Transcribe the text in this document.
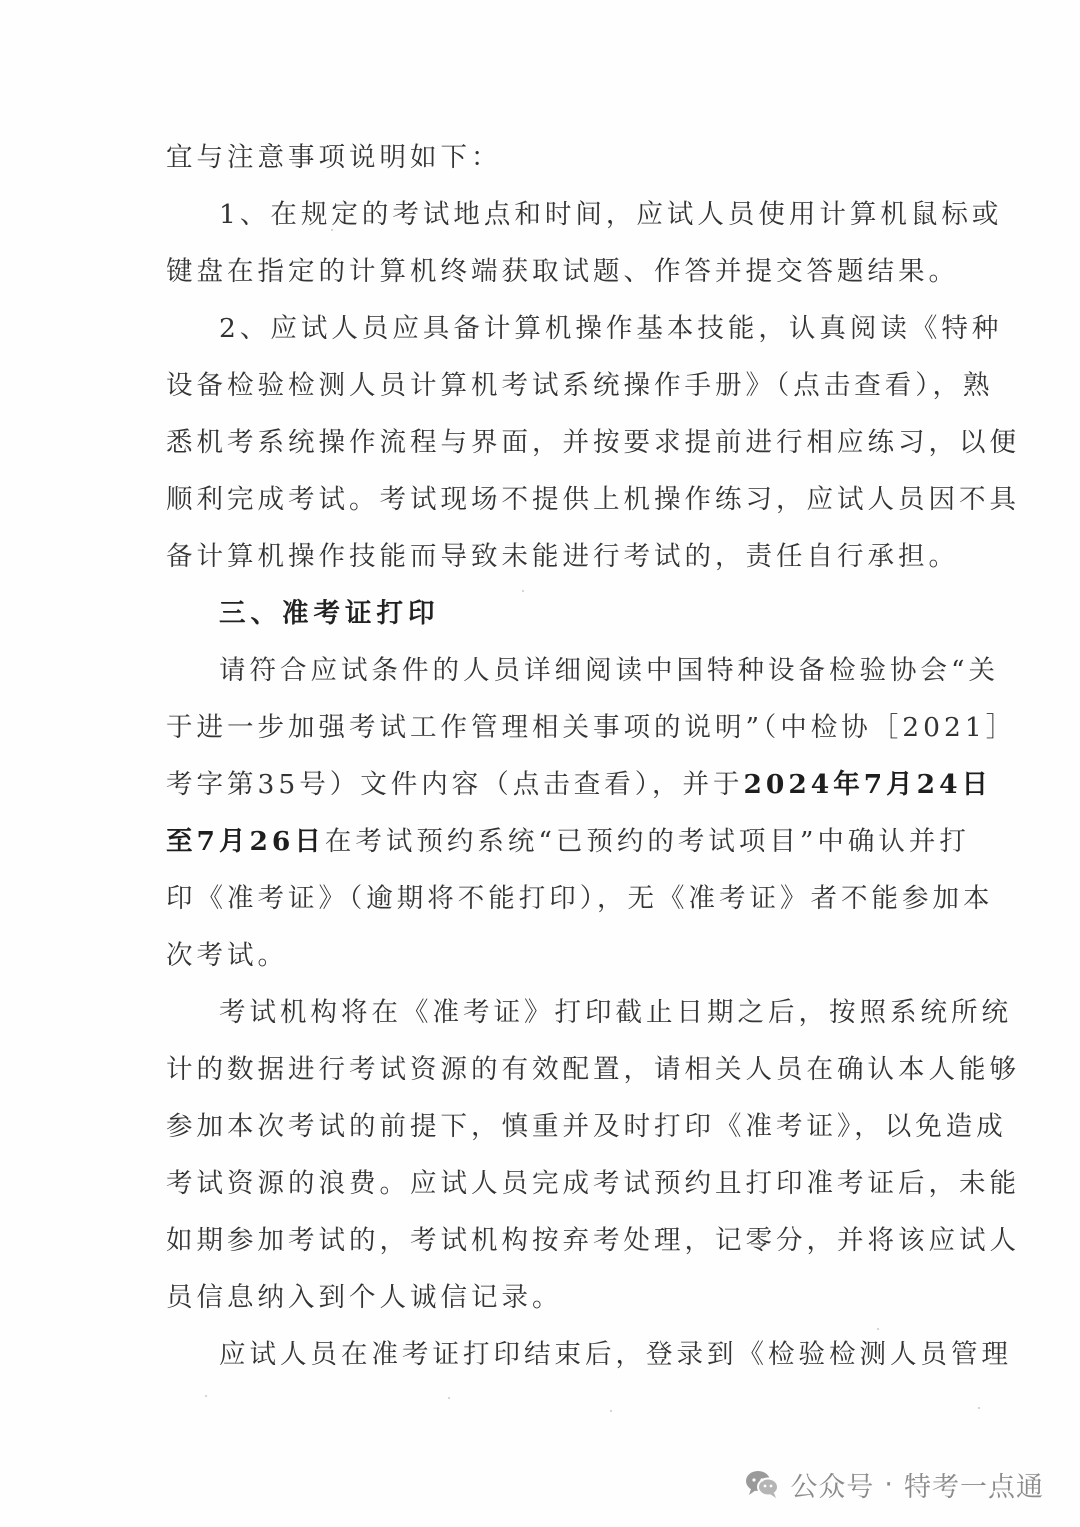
宜与注意事项说明如下：
1、在规定的考试地点和时间，应试人员使用计算机鼠标或
键盘在指定的计算机终端获取试题、作答并提交答题结果。
2、应试人员应具备计算机操作基本技能，认真阅读《特种
设备检验检测人员计算机考试系统操作手册》（点击查看），熟
悉机考系统操作流程与界面，并按要求提前进行相应练习，以便
顺利完成考试。考试现场不提供上机操作练习，应试人员因不具
备计算机操作技能而导致未能进行考试的，责任自行承担。
三、准考证打印
请符合应试条件的人员详细阅读中国特种设备检验协会“关
于进一步加强考试工作管理相关事项的说明”（中检协［2021］
考字第35号）文件内容（点击查看），并于2024年7月24日
至7月26日在考试预约系统“已预约的考试项目”中确认并打
印《准考证》（逾期将不能打印），无《准考证》者不能参加本
次考试。
考试机构将在《准考证》打印截止日期之后，按照系统所统
计的数据进行考试资源的有效配置，请相关人员在确认本人能够
参加本次考试的前提下，慎重并及时打印《准考证》，以免造成
考试资源的浪费。应试人员完成考试预约且打印准考证后，未能
如期参加考试的，考试机构按弃考处理，记零分，并将该应试人
员信息纳入到个人诚信记录。
应试人员在准考证打印结束后，登录到《检验检测人员管理
公众号 · 特考一点通
